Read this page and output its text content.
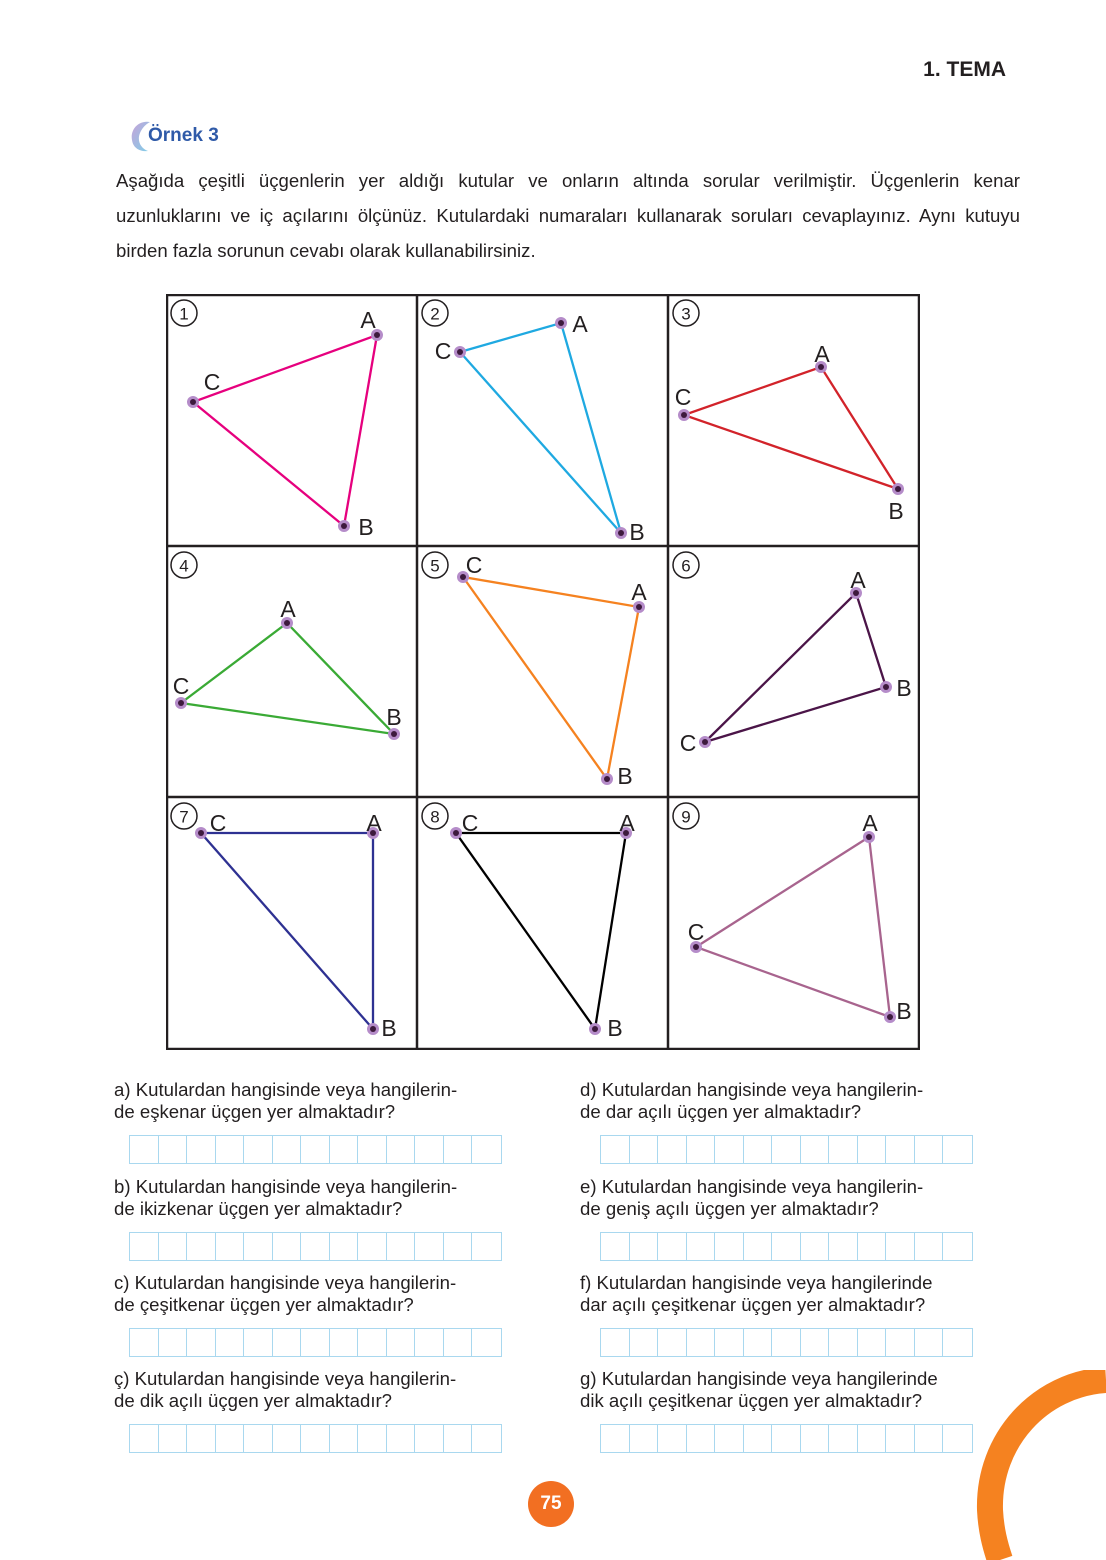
1. TEMA
Örnek 3
Aşağıda çeşitli üçgenlerin yer aldığı kutular ve onların altında sorular verilmiştir. Üçgenlerin kenar uzunluklarını ve iç açılarını ölçünüz. Kutulardaki numaraları kullanarak soruları cevaplayınız. Aynı kutuyu birden fazla sorunun cevabı olarak kullanabilirsiniz.
1	A
B
C
2	A
B
C
3
A
B
C
4
A
B
C
5
A
B
C	6
A
B
C
7	A
B
C	8	A
B
C	9	A
B
C
a) Kutulardan hangisinde veya hangilerin-
de eşkenar üçgen yer almaktadır?
b) Kutulardan hangisinde veya hangilerin-
de ikizkenar üçgen yer almaktadır?
c) Kutulardan hangisinde veya hangilerin-
de çeşitkenar üçgen yer almaktadır?
ç) Kutulardan hangisinde veya hangilerin-
de dik açılı üçgen yer almaktadır?
d) Kutulardan hangisinde veya hangilerin-
de dar açılı üçgen yer almaktadır?
e) Kutulardan hangisinde veya hangilerin-
de geniş açılı üçgen yer almaktadır?
f) Kutulardan hangisinde veya hangilerinde
dar açılı çeşitkenar üçgen yer almaktadır?
g) Kutulardan hangisinde veya hangilerinde
dik açılı çeşitkenar üçgen yer almaktadır?
75
